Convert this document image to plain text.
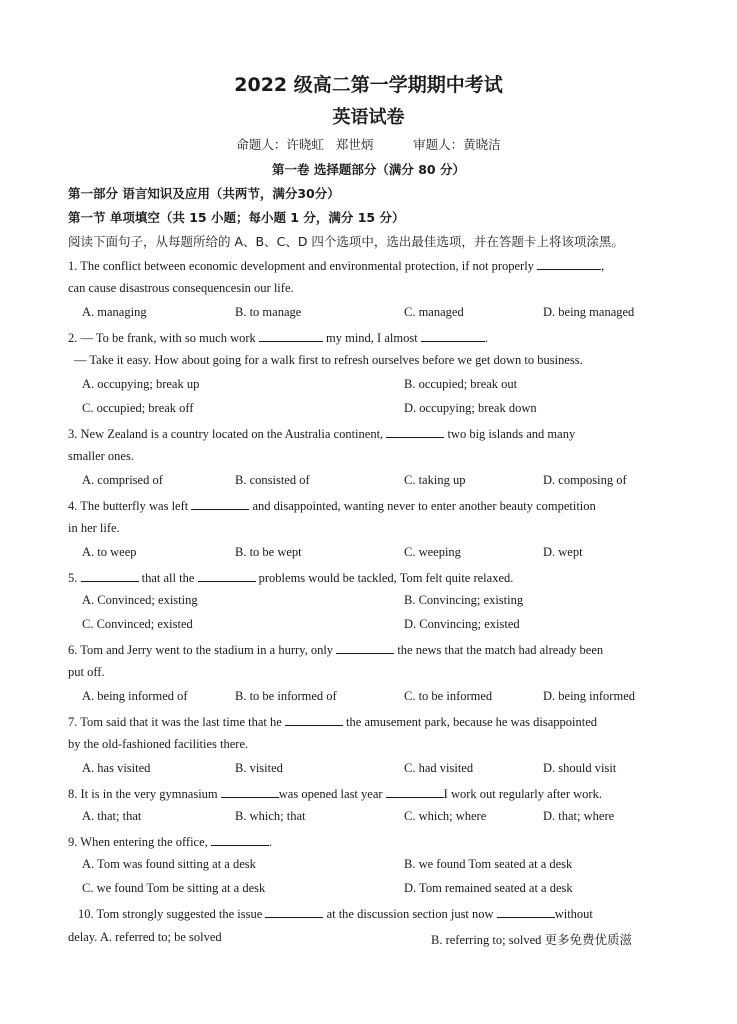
2022 级高二第一学期期中考试
英语试卷
命题人：许晓虹   郑世炳	审题人：黄晓洁
第一卷 选择题部分（满分 80 分）
第一部分 语言知识及应用（共两节，满分30分）
第一节 单项填空（共 15 小题；每小题 1 分，满分 15 分）
阅读下面句子，从每题所给的 A、B、C、D 四个选项中，选出最佳选项，并在答题卡上将该项涂黑。
1. The conflict between economic development and environmental protection, if not properly	,
can cause disastrous consequencesin our life.
A. managing	B. to manage	C. managed	D. being managed
2. — To be frank, with so much work	my mind, I almost	.
— Take it easy. How about going for a walk first to refresh ourselves before we get down to business.
A. occupying; break up	B. occupied; break out
C. occupied; break off	D. occupying; break down
3. New Zealand is a country located on the Australia continent,	two big islands and many
smaller ones.
A. comprised of	B. consisted of	C. taking up	D. composing of
4. The butterfly was left	and disappointed, wanting never to enter another beauty competition
in her life.
A. to weep	B. to be wept	C. weeping	D. wept
5.	that all the	problems would be tackled, Tom felt quite relaxed.
A. Convinced; existing	B. Convincing; existing
C. Convinced; existed	D. Convincing; existed
6. Tom and Jerry went to the stadium in a hurry, only	the news that the match had already been
put off.
A. being informed of	B. to be informed of	C. to be informed	D. being informed
7. Tom said that it was the last time that he	the amusement park, because he was disappointed
by the old-fashioned facilities there.
A. has visited	B. visited	C. had visited	D. should visit
8. It is in the very gymnasium	was opened last year	I work out regularly after work.
A. that; that	B. which; that	C. which; where	D. that; where
9. When entering the office,	.
A. Tom was found sitting at a desk	B. we found Tom seated at a desk
C. we found Tom be sitting at a desk	D. Tom remained seated at a desk
10. Tom strongly suggested the issue	at the discussion section just now	without
delay. A. referred to; be solved	B. referring to; solved 更多免费优质滋
